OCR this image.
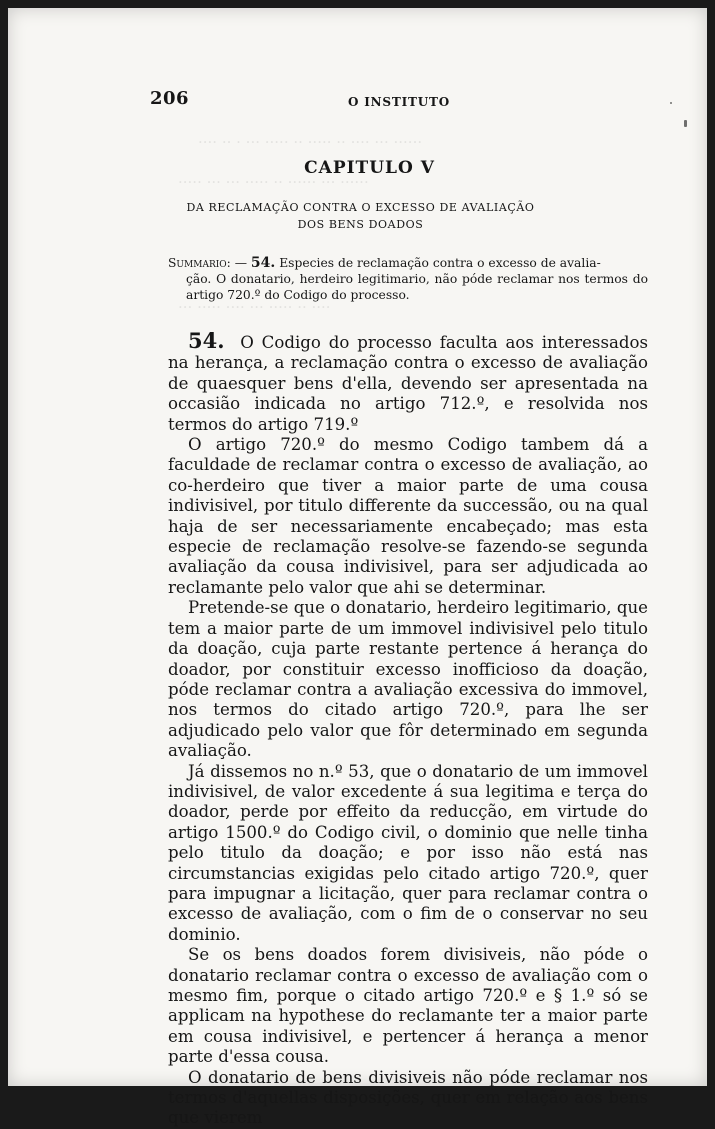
···· ·· · ··· ····· ·· ····· ·· ···· ··· ······
····· ··· ··· ····· ·· ······ ··· ······
··· ····· ···· ··· ····· ·· ····
206	O INSTITUTO
CAPITULO V
DA RECLAMAÇÃO CONTRA O EXCESSO DE AVALIAÇÃO
DOS BENS DOADOS
Summario: — 54. Especies de reclamação contra o excesso de avalia-
ção. O donatario, herdeiro legitimario, não póde reclamar nos termos do artigo 720.º do Codigo do processo.

54. O Codigo do processo faculta aos interessados na herança, a reclamação contra o excesso de avaliação de quaesquer bens d'ella, devendo ser apresentada na occasião indicada no artigo 712.º, e resolvida nos termos do artigo 719.º

O artigo 720.º do mesmo Codigo tambem dá a faculdade de reclamar contra o excesso de avaliação, ao co-herdeiro que tiver a maior parte de uma cousa indivisivel, por titulo differente da successão, ou na qual haja de ser necessariamente encabeçado; mas esta especie de reclamação resolve-se fazendo-se segunda avaliação da cousa indivisivel, para ser adjudicada ao reclamante pelo valor que ahi se determinar.

Pretende-se que o donatario, herdeiro legitimario, que tem a maior parte de um immovel indivisivel pelo titulo da doação, cuja parte restante pertence á herança do doador, por constituir excesso inofficioso da doação, póde reclamar contra a avaliação excessiva do immovel, nos termos do citado artigo 720.º, para lhe ser adjudicado pelo valor que fôr determinado em segunda avaliação.

Já dissemos no n.º 53, que o donatario de um immovel indivisivel, de valor excedente á sua legitima e terça do doador, perde por effeito da reducção, em virtude do artigo 1500.º do Codigo civil, o dominio que nelle tinha pelo titulo da doação; e por isso não está nas circumstancias exigidas pelo citado artigo 720.º, quer para impugnar a licitação, quer para reclamar contra o excesso de avaliação, com o fim de o conservar no seu dominio.

Se os bens doados forem divisiveis, não póde o donatario reclamar contra o excesso de avaliação com o mesmo fim, porque o citado artigo 720.º e § 1.º só se applicam na hypothese do reclamante ter a maior parte em cousa indivisivel, e pertencer á herança a menor parte d'essa cousa.

O donatario de bens divisiveis não póde reclamar nos termos d'aquellas disposições, quer em relação aos bens que vierem
